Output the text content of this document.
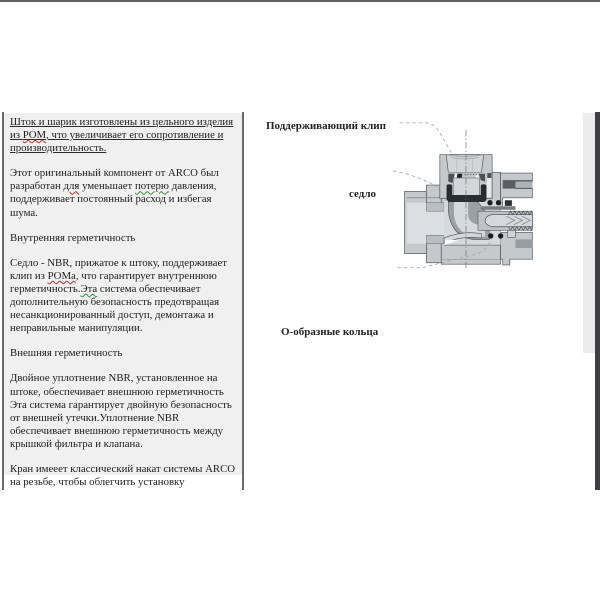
Шток и шарик изготовлены из цельного изделия из POM, что увеличивает его сопротивление и производительность.

Этот оригинальный компонент от ARCO был разработан для уменьшает потерю давления, поддерживает постоянный расход и избегая шума.

Внутренняя герметичность

Седло - NBR, прижатое к штоку, поддерживает клип из POMa, что гарантирует внутреннюю герметичность.Эта система обеспечивает дополнительную безопасность предотвращая несанкционированный доступ, демонтажа и неправильные манипуляции.

Внешняя герметичность

Двойное уплотнение NBR, установленное на штоке, обеспечивает внешнюю герметичность Эта система гарантирует двойную безопасность от внешней утечки.Уплотнение NBR обеспечивает внешнюю герметичность между крышкой фильтра и клапана.

Кран имееет классический накат системы ARCO на резьбе, чтобы облегчить установку

Поддерживающий клип
седло
О-образные кольца
